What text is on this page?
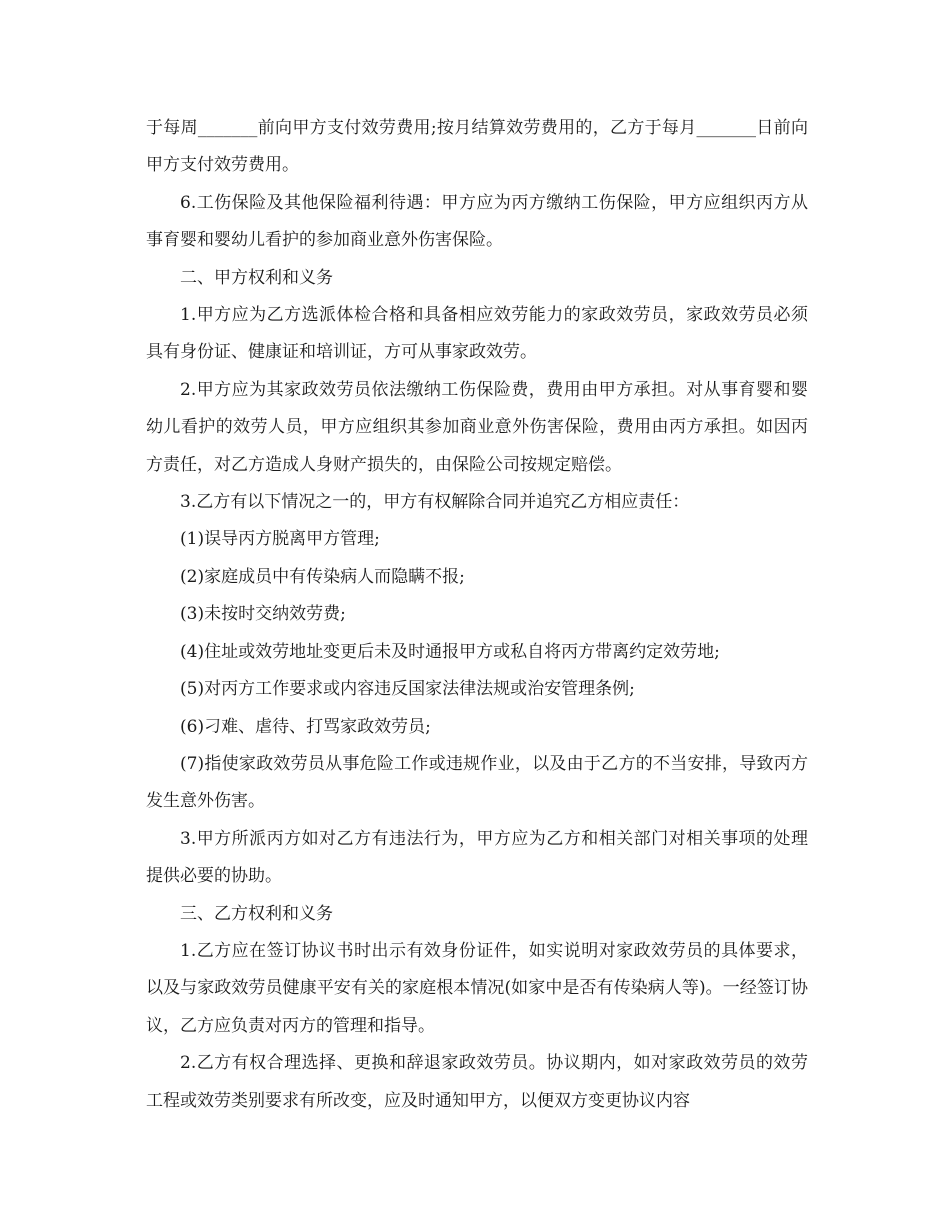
于每周_______前向甲方支付效劳费用;按月结算效劳费用的，乙方于每月_______日前向甲方支付效劳费用。

6.工伤保险及其他保险福利待遇：甲方应为丙方缴纳工伤保险，甲方应组织丙方从事育婴和婴幼儿看护的参加商业意外伤害保险。

二、甲方权利和义务

1.甲方应为乙方选派体检合格和具备相应效劳能力的家政效劳员，家政效劳员必须具有身份证、健康证和培训证，方可从事家政效劳。

2.甲方应为其家政效劳员依法缴纳工伤保险费，费用由甲方承担。对从事育婴和婴幼儿看护的效劳人员，甲方应组织其参加商业意外伤害保险，费用由丙方承担。如因丙方责任，对乙方造成人身财产损失的，由保险公司按规定赔偿。

3.乙方有以下情况之一的，甲方有权解除合同并追究乙方相应责任：

(1)误导丙方脱离甲方管理;

(2)家庭成员中有传染病人而隐瞒不报;

(3)未按时交纳效劳费;

(4)住址或效劳地址变更后未及时通报甲方或私自将丙方带离约定效劳地;

(5)对丙方工作要求或内容违反国家法律法规或治安管理条例;

(6)刁难、虐待、打骂家政效劳员;

(7)指使家政效劳员从事危险工作或违规作业，以及由于乙方的不当安排，导致丙方发生意外伤害。

3.甲方所派丙方如对乙方有违法行为，甲方应为乙方和相关部门对相关事项的处理提供必要的协助。

三、乙方权利和义务

1.乙方应在签订协议书时出示有效身份证件，如实说明对家政效劳员的具体要求，以及与家政效劳员健康平安有关的家庭根本情况(如家中是否有传染病人等)。一经签订协议，乙方应负责对丙方的管理和指导。

2.乙方有权合理选择、更换和辞退家政效劳员。协议期内，如对家政效劳员的效劳工程或效劳类别要求有所改变，应及时通知甲方，以便双方变更协议内容
